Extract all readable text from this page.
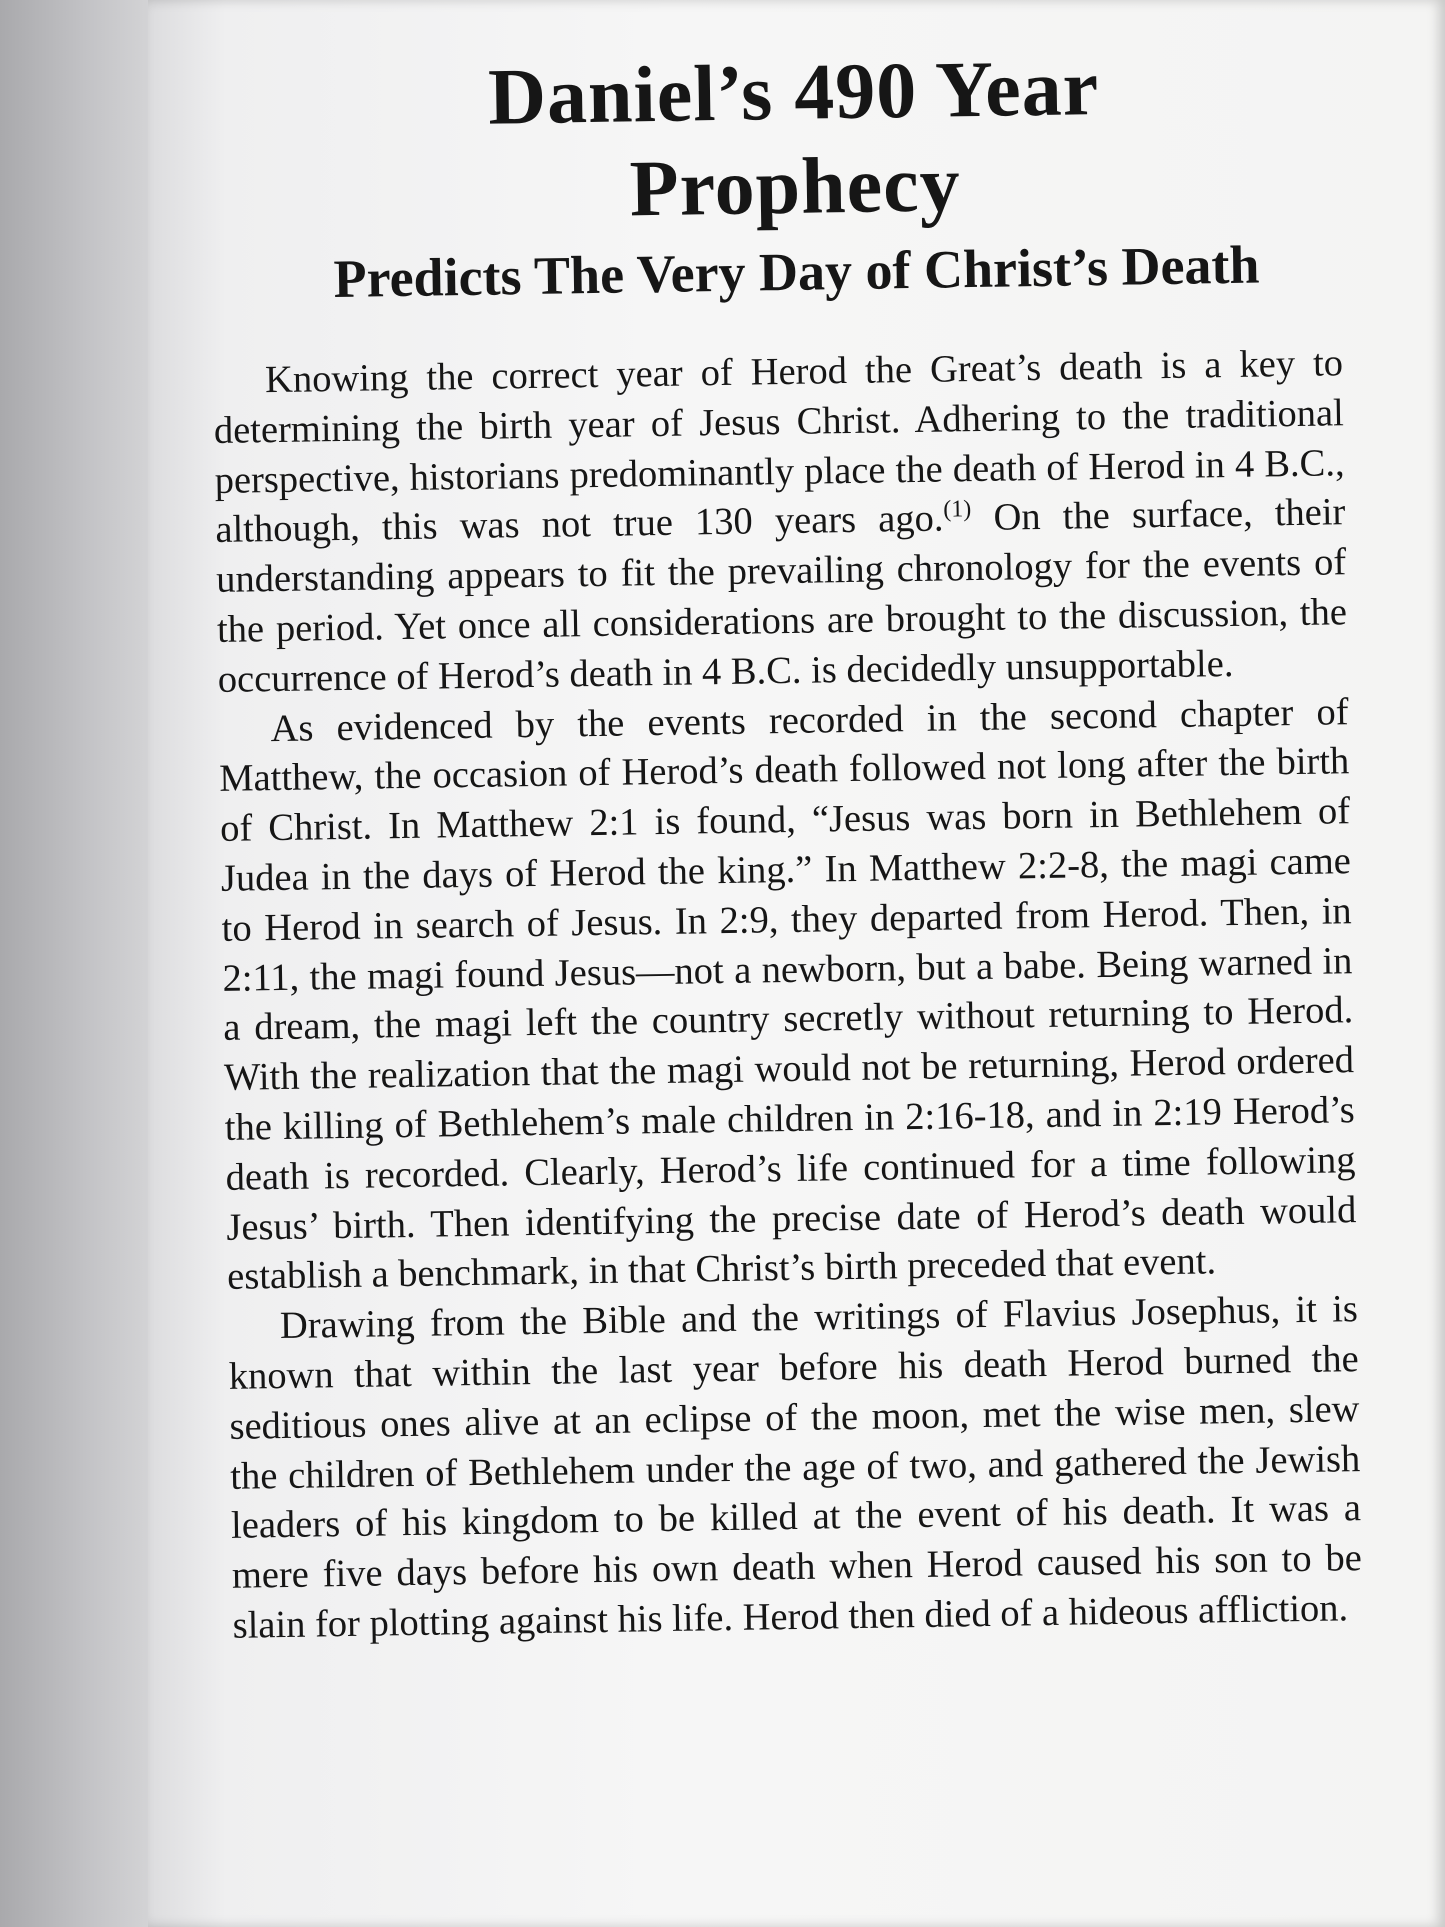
Daniel’s 490 Year
Prophecy
Predicts The Very Day of Christ’s Death

Knowing the correct year of Herod the Great’s death is a key to determining the birth year of Jesus Christ. Adhering to the traditional perspective, historians predominantly place the death of Herod in 4 B.C., although, this was not true 130 years ago.$^{(1)}$ On the surface, their understanding appears to fit the prevailing chronology for the events of the period. Yet once all considerations are brought to the discussion, the occurrence of Herod’s death in 4 B.C. is decidedly unsupportable.

As evidenced by the events recorded in the second chapter of Matthew, the occasion of Herod’s death followed not long after the birth of Christ. In Matthew 2:1 is found, “Jesus was born in Bethlehem of Judea in the days of Herod the king.” In Matthew 2:2-8, the magi came to Herod in search of Jesus. In 2:9, they departed from Herod. Then, in 2:11, the magi found Jesus—not a newborn, but a babe. Being warned in a dream, the magi left the country secretly without returning to Herod. With the realization that the magi would not be returning, Herod ordered the killing of Bethlehem’s male children in 2:16-18, and in 2:19 Herod’s death is recorded. Clearly, Herod’s life continued for a time following Jesus’ birth. Then identifying the precise date of Herod’s death would establish a benchmark, in that Christ’s birth preceded that event.

Drawing from the Bible and the writings of Flavius Josephus, it is known that within the last year before his death Herod burned the seditious ones alive at an eclipse of the moon, met the wise men, slew the children of Bethlehem under the age of two, and gathered the Jewish leaders of his kingdom to be killed at the event of his death. It was a mere five days before his own death when Herod caused his son to be slain for plotting against his life. Herod then died of a hideous affliction.
